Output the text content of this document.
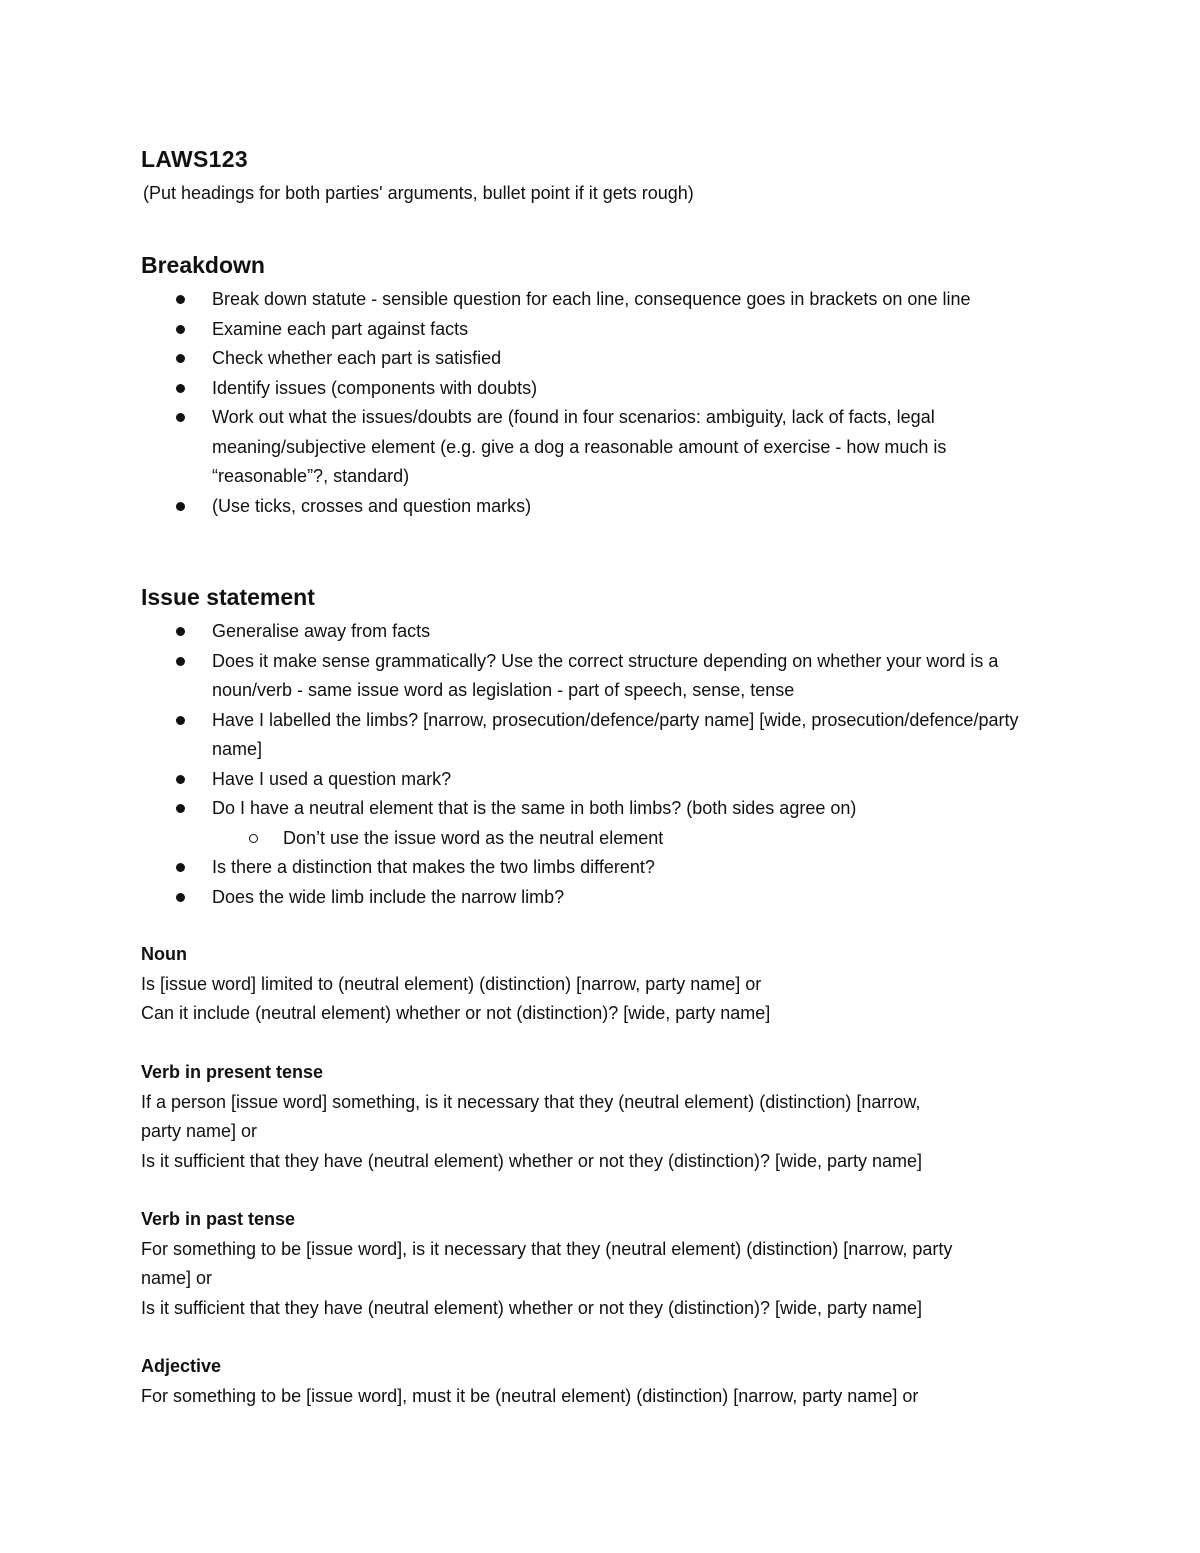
LAWS123

(Put headings for both parties' arguments, bullet point if it gets rough)

Breakdown
Break down statute - sensible question for each line, consequence goes in brackets on one line
Examine each part against facts
Check whether each part is satisfied
Identify issues (components with doubts)
Work out what the issues/doubts are (found in four scenarios: ambiguity, lack of facts, legal meaning/subjective element (e.g. give a dog a reasonable amount of exercise - how much is “reasonable”?, standard)
(Use ticks, crosses and question marks)
Issue statement
Generalise away from facts
Does it make sense grammatically? Use the correct structure depending on whether your word is a noun/verb - same issue word as legislation - part of speech, sense, tense
Have I labelled the limbs? [narrow, prosecution/defence/party name] [wide, prosecution/defence/party name]
Have I used a question mark?
Do I have a neutral element that is the same in both limbs? (both sides agree on)
Don’t use the issue word as the neutral element
Is there a distinction that makes the two limbs different?
Does the wide limb include the narrow limb?

Noun

Is [issue word] limited to (neutral element) (distinction) [narrow, party name] or

Can it include (neutral element) whether or not (distinction)? [wide, party name]

Verb in present tense

If a person [issue word] something, is it necessary that they (neutral element) (distinction) [narrow,

party name] or

Is it sufficient that they have (neutral element) whether or not they (distinction)? [wide, party name]

Verb in past tense

For something to be [issue word], is it necessary that they (neutral element) (distinction) [narrow, party

name] or

Is it sufficient that they have (neutral element) whether or not they (distinction)? [wide, party name]

Adjective

For something to be [issue word], must it be (neutral element) (distinction) [narrow, party name] or
